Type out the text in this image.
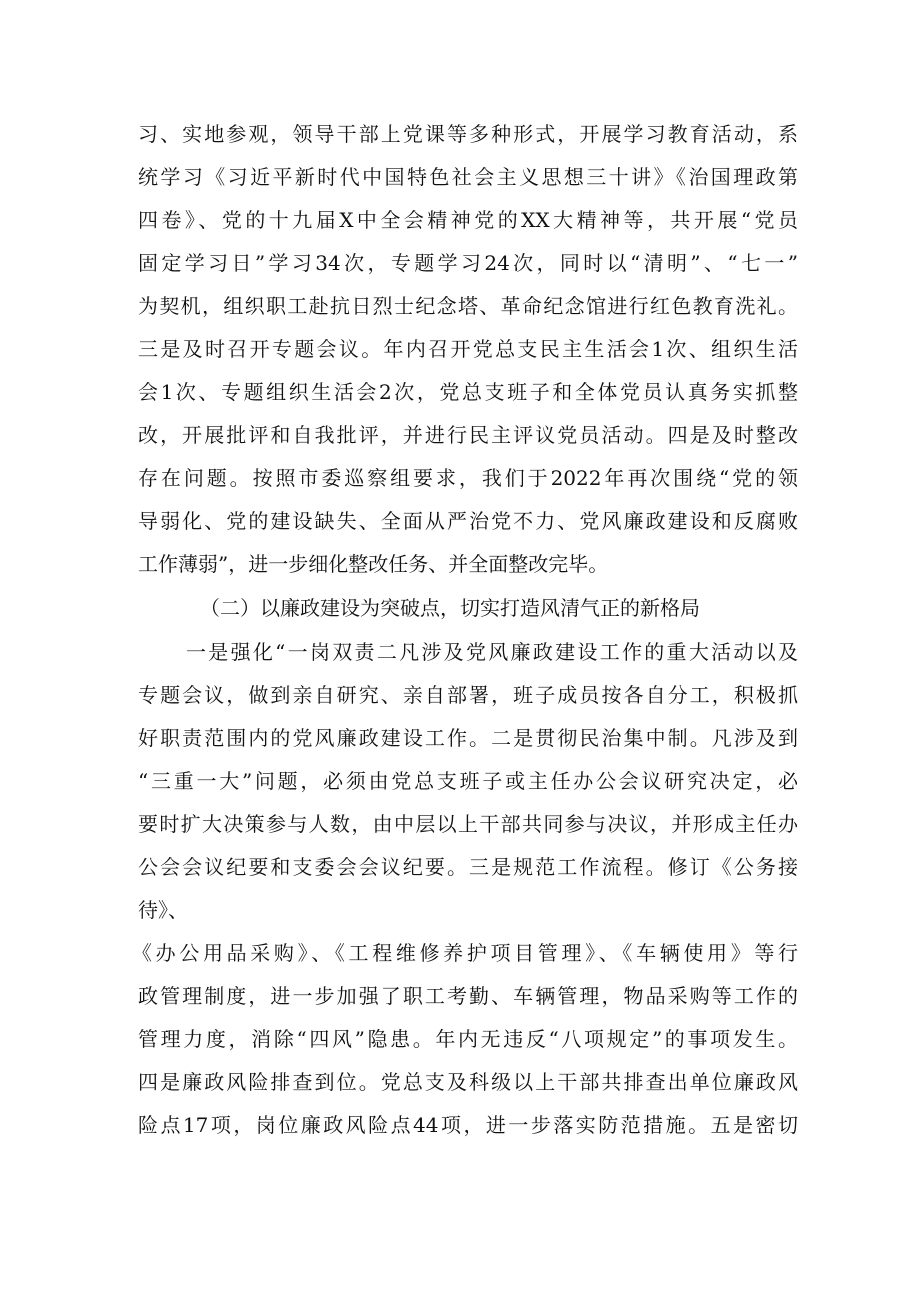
习、实地参观，领导干部上党课等多种形式，开展学习教育活动，系
统学习《习近平新时代中国特色社会主义思想三十讲》《治国理政第
四卷》、党的十九届X中全会精神党的XX大精神等，共开展“党员
固定学习日”学习34次，专题学习24次，同时以“清明”、“七一”
为契机，组织职工赴抗日烈士纪念塔、革命纪念馆进行红色教育洗礼。
三是及时召开专题会议。年内召开党总支民主生活会1次、组织生活
会1次、专题组织生活会2次，党总支班子和全体党员认真务实抓整
改，开展批评和自我批评，并进行民主评议党员活动。四是及时整改
存在问题。按照市委巡察组要求，我们于2022年再次围绕“党的领
导弱化、党的建设缺失、全面从严治党不力、党风廉政建设和反腐败
工作薄弱”，进一步细化整改任务、并全面整改完毕。
（二）以廉政建设为突破点，切实打造风清气正的新格局
一是强化“一岗双责二凡涉及党风廉政建设工作的重大活动以及
专题会议，做到亲自研究、亲自部署，班子成员按各自分工，积极抓
好职责范围内的党风廉政建设工作。二是贯彻民治集中制。凡涉及到
“三重一大”问题，必须由党总支班子或主任办公会议研究决定，必
要时扩大决策参与人数，由中层以上干部共同参与决议，并形成主任办
公会会议纪要和支委会会议纪要。三是规范工作流程。修订《公务接
待》、
《办公用品采购》、《工程维修养护项目管理》、《车辆使用》等行
政管理制度，进一步加强了职工考勤、车辆管理，物品采购等工作的
管理力度，消除“四风”隐患。年内无违反“八项规定”的事项发生。
四是廉政风险排查到位。党总支及科级以上干部共排查出单位廉政风
险点17项，岗位廉政风险点44项，进一步落实防范措施。五是密切
